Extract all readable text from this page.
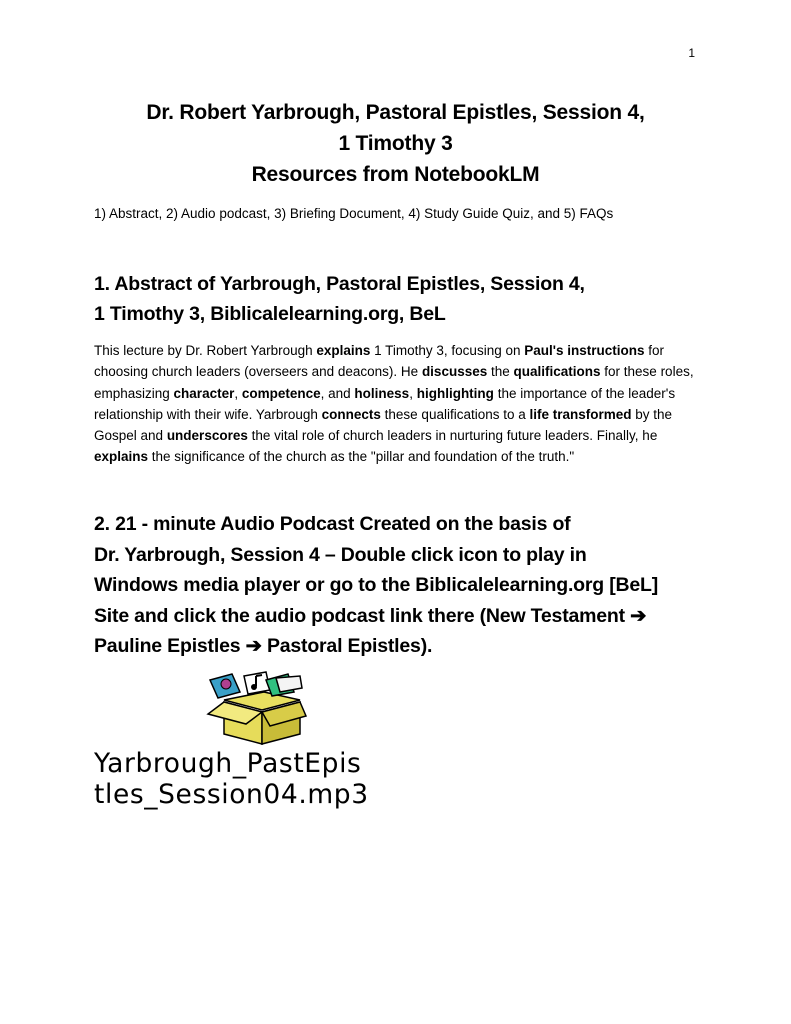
1
Dr. Robert Yarbrough, Pastoral Epistles, Session 4,
1 Timothy 3
Resources from NotebookLM
1) Abstract, 2) Audio podcast, 3) Briefing Document, 4) Study Guide Quiz, and 5) FAQs
1. Abstract of Yarbrough, Pastoral Epistles, Session 4,
1 Timothy 3, Biblicalelearning.org, BeL
This lecture by Dr. Robert Yarbrough explains 1 Timothy 3, focusing on Paul's instructions for choosing church leaders (overseers and deacons). He discusses the qualifications for these roles, emphasizing character, competence, and holiness, highlighting the importance of the leader's relationship with their wife. Yarbrough connects these qualifications to a life transformed by the Gospel and underscores the vital role of church leaders in nurturing future leaders. Finally, he explains the significance of the church as the "pillar and foundation of the truth."
2. 21 - minute Audio Podcast Created on the basis of
Dr. Yarbrough, Session 4 – Double click icon to play in
Windows media player or go to the Biblicalelearning.org [BeL]
Site and click the audio podcast link there (New Testament ➔
Pauline Epistles ➔ Pastoral Epistles).
Yarbrough_PastEpis
tles_Session04.mp3
